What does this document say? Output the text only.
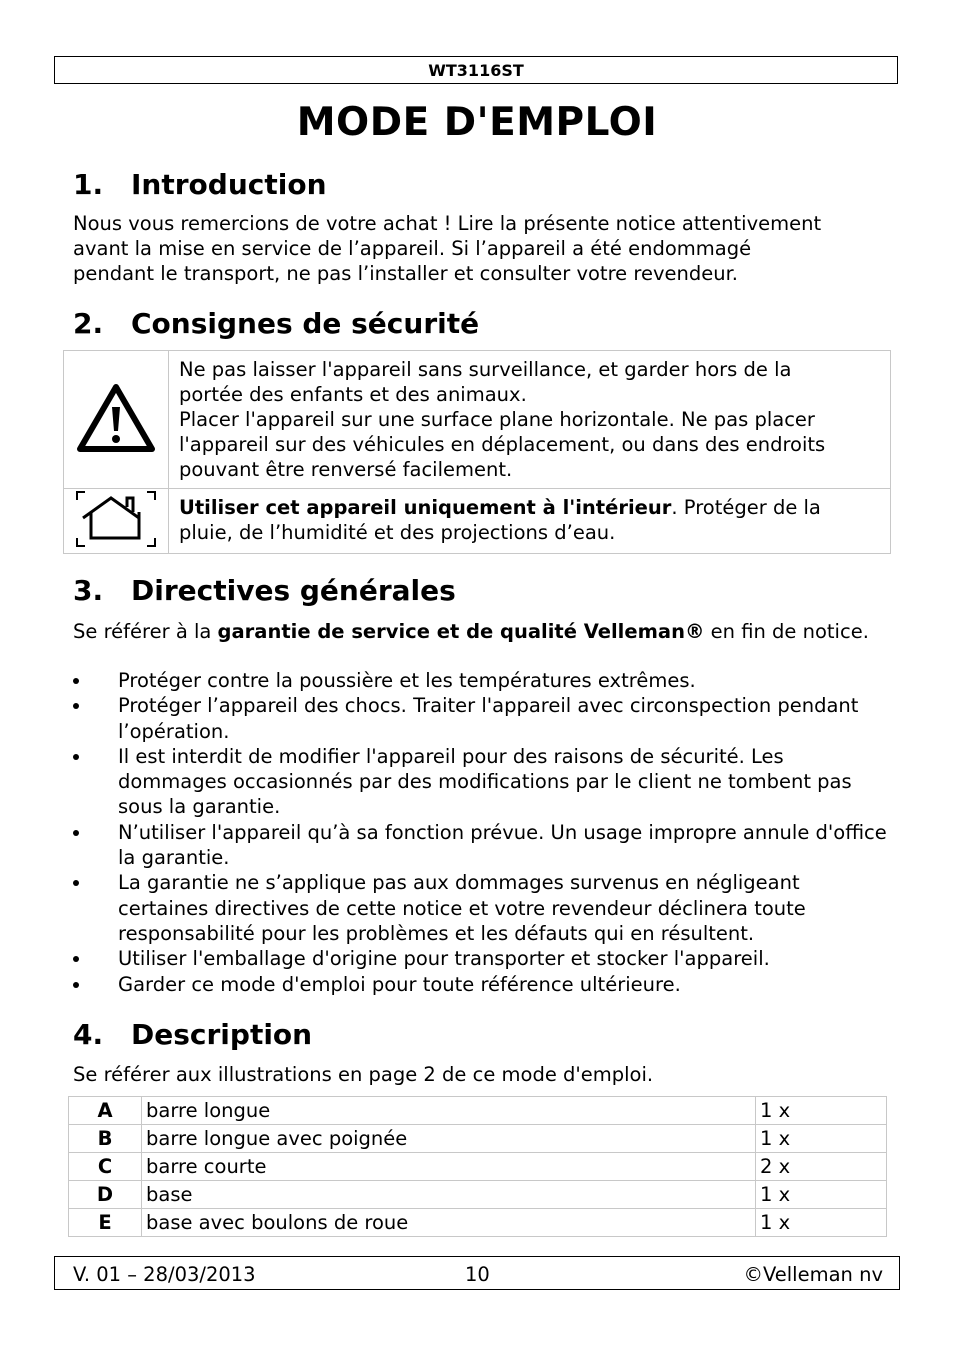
WT3116ST
MODE D'EMPLOI
1. Introduction
Nous vous remercions de votre achat ! Lire la présente notice attentivement
avant la mise en service de l’appareil. Si l’appareil a été endommagé
pendant le transport, ne pas l’installer et consulter votre revendeur.
2. Consignes de sécurité
	Ne pas laisser l'appareil sans surveillance, et garder hors de la
portée des enfants et des animaux.
Placer l'appareil sur une surface plane horizontale. Ne pas placer
l'appareil sur des véhicules en déplacement, ou dans des endroits
pouvant être renversé facilement.
	Utiliser cet appareil uniquement à l'intérieur. Protéger de la
pluie, de l’humidité et des projections d’eau.
3. Directives générales
Se référer à la garantie de service et de qualité Velleman® en fin de notice.
Protéger contre la poussière et les températures extrêmes.
Protéger l’appareil des chocs. Traiter l'appareil avec circonspection pendant l’opération.
Il est interdit de modifier l'appareil pour des raisons de sécurité. Les dommages occasionnés par des modifications par le client ne tombent pas sous la garantie.
N’utiliser l'appareil qu’à sa fonction prévue. Un usage impropre annule d'office la garantie.
La garantie ne s’applique pas aux dommages survenus en négligeant certaines directives de cette notice et votre revendeur déclinera toute responsabilité pour les problèmes et les défauts qui en résultent.
Utiliser l'emballage d'origine pour transporter et stocker l'appareil.
Garder ce mode d'emploi pour toute référence ultérieure.
4. Description
Se référer aux illustrations en page 2 de ce mode d'emploi.
A	barre longue	1 x
B	barre longue avec poignée	1 x
C	barre courte	2 x
D	base	1 x
E	base avec boulons de roue	1 x
V. 01 – 28/03/2013	10	©Velleman nv
